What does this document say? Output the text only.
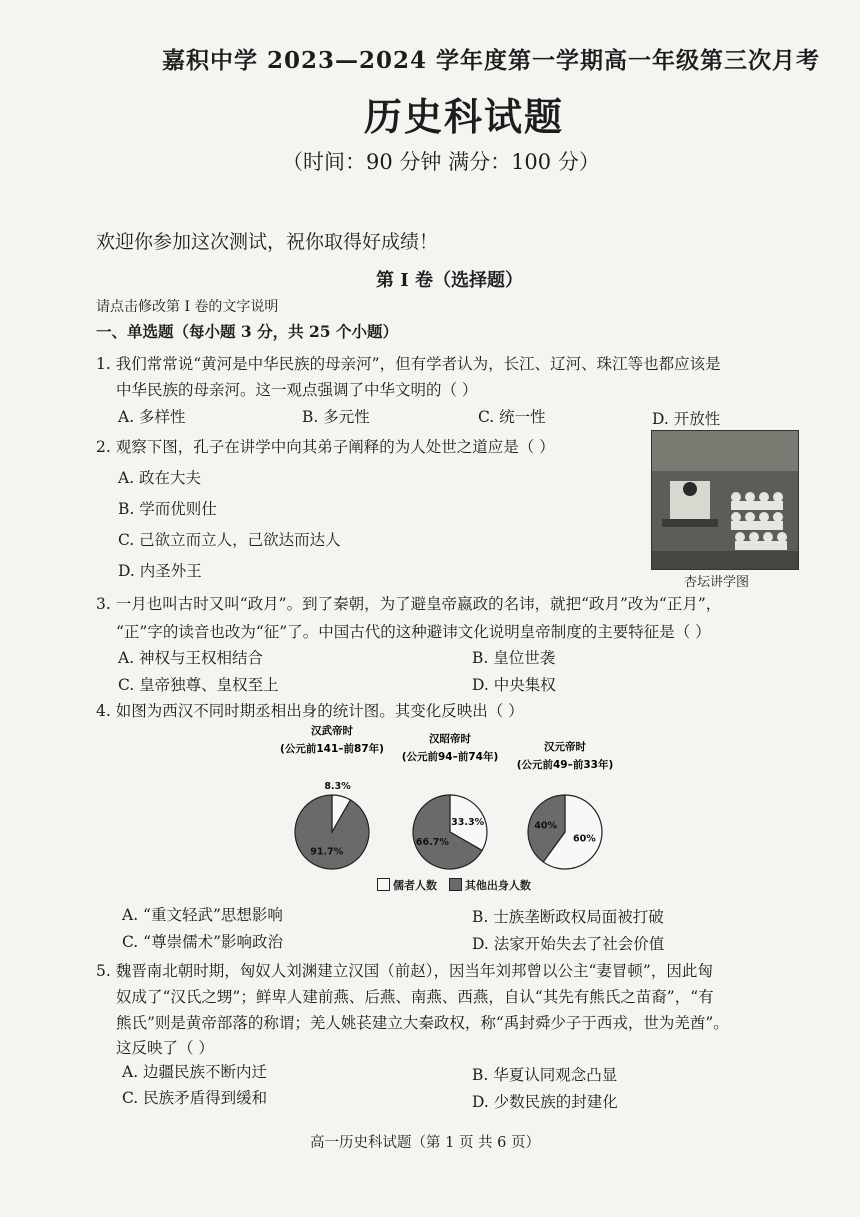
嘉积中学 2023—2024 学年度第一学期高一年级第三次月考
历史科试题
（时间：90 分钟 满分：100 分）
欢迎你参加这次测试，祝你取得好成绩！
第 I 卷（选择题）
请点击修改第 I 卷的文字说明
一、单选题（每小题 3 分，共 25 个小题）
1. 我们常常说“黄河是中华民族的母亲河”，但有学者认为，长江、辽河、珠江等也都应该是
中华民族的母亲河。这一观点强调了中华文明的（ ）
A. 多样性	B. 多元性	C. 统一性	D. 开放性
2. 观察下图，孔子在讲学中向其弟子阐释的为人处世之道应是（ ）
A. 政在大夫
B. 学而优则仕
C. 己欲立而立人，己欲达而达人
D. 内圣外王
杏坛讲学图
3. 一月也叫古时又叫“政月”。到了秦朝，为了避皇帝嬴政的名讳，就把“政月”改为“正月”，
“正”字的读音也改为“征”了。中国古代的这种避讳文化说明皇帝制度的主要特征是（ ）
A. 神权与王权相结合	B. 皇位世袭
C. 皇帝独尊、皇权至上	D. 中央集权
4. 如图为西汉不同时期丞相出身的统计图。其变化反映出（ ）
汉武帝时
(公元前141–前87年)
8.3%
91.7%
汉昭帝时
(公元前94–前74年)
33.3%
66.7%
汉元帝时
(公元前49–前33年)
60%
40%
儒者人数	其他出身人数
A. “重文轻武”思想影响	B. 士族垄断政权局面被打破
C. “尊崇儒术”影响政治	D. 法家开始失去了社会价值
5. 魏晋南北朝时期，匈奴人刘渊建立汉国（前赵），因当年刘邦曾以公主“妻冒顿”，因此匈
奴成了“汉氏之甥”；鲜卑人建前燕、后燕、南燕、西燕，自认“其先有熊氏之苗裔”，“有
熊氏”则是黄帝部落的称谓；羌人姚苌建立大秦政权，称“禹封舜少子于西戎，世为羌酋”。
这反映了（ ）
A. 边疆民族不断内迁	B. 华夏认同观念凸显
C. 民族矛盾得到缓和	D. 少数民族的封建化
高一历史科试题（第 1 页 共 6 页）
